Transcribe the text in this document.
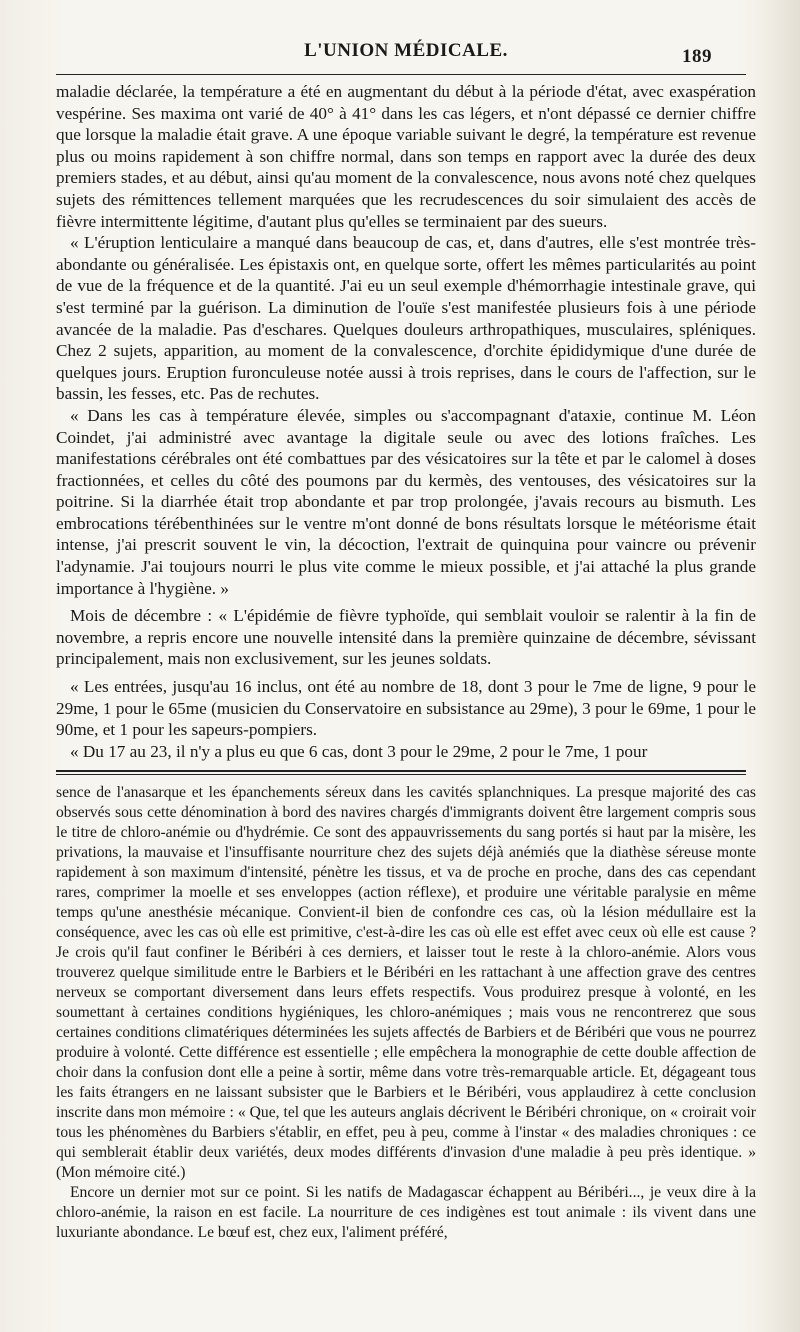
L'UNION MÉDICALE.	189

maladie déclarée, la température a été en augmentant du début à la période d'état, avec exaspération vespérine. Ses maxima ont varié de 40° à 41° dans les cas légers, et n'ont dépassé ce dernier chiffre que lorsque la maladie était grave. A une époque variable suivant le degré, la température est revenue plus ou moins rapidement à son chiffre normal, dans son temps en rapport avec la durée des deux premiers stades, et au début, ainsi qu'au moment de la convalescence, nous avons noté chez quelques sujets des rémittences tellement marquées que les recrudescences du soir simulaient des accès de fièvre intermittente légitime, d'autant plus qu'elles se terminaient par des sueurs.

« L'éruption lenticulaire a manqué dans beaucoup de cas, et, dans d'autres, elle s'est montrée très-abondante ou généralisée. Les épistaxis ont, en quelque sorte, offert les mêmes particularités au point de vue de la fréquence et de la quantité. J'ai eu un seul exemple d'hémorrhagie intestinale grave, qui s'est terminé par la guérison. La diminution de l'ouïe s'est manifestée plusieurs fois à une période avancée de la maladie. Pas d'eschares. Quelques douleurs arthropathiques, musculaires, spléniques. Chez 2 sujets, apparition, au moment de la convalescence, d'orchite épididymique d'une durée de quelques jours. Eruption furonculeuse notée aussi à trois reprises, dans le cours de l'affection, sur le bassin, les fesses, etc. Pas de rechutes.

« Dans les cas à température élevée, simples ou s'accompagnant d'ataxie, continue M. Léon Coindet, j'ai administré avec avantage la digitale seule ou avec des lotions fraîches. Les manifestations cérébrales ont été combattues par des vésicatoires sur la tête et par le calomel à doses fractionnées, et celles du côté des poumons par du kermès, des ventouses, des vésicatoires sur la poitrine. Si la diarrhée était trop abondante et par trop prolongée, j'avais recours au bismuth. Les embrocations térébenthinées sur le ventre m'ont donné de bons résultats lorsque le météorisme était intense, j'ai prescrit souvent le vin, la décoction, l'extrait de quinquina pour vaincre ou prévenir l'adynamie. J'ai toujours nourri le plus vite comme le mieux possible, et j'ai attaché la plus grande importance à l'hygiène. »

Mois de décembre : « L'épidémie de fièvre typhoïde, qui semblait vouloir se ralentir à la fin de novembre, a repris encore une nouvelle intensité dans la première quinzaine de décembre, sévissant principalement, mais non exclusivement, sur les jeunes soldats.

« Les entrées, jusqu'au 16 inclus, ont été au nombre de 18, dont 3 pour le 7me de ligne, 9 pour le 29me, 1 pour le 65me (musicien du Conservatoire en subsistance au 29me), 3 pour le 69me, 1 pour le 90me, et 1 pour les sapeurs-pompiers.

« Du 17 au 23, il n'y a plus eu que 6 cas, dont 3 pour le 29me, 2 pour le 7me, 1 pour

sence de l'anasarque et les épanchements séreux dans les cavités splanchniques. La presque majorité des cas observés sous cette dénomination à bord des navires chargés d'immigrants doivent être largement compris sous le titre de chloro-anémie ou d'hydrémie. Ce sont des appauvrissements du sang portés si haut par la misère, les privations, la mauvaise et l'insuffisante nourriture chez des sujets déjà anémiés que la diathèse séreuse monte rapidement à son maximum d'intensité, pénètre les tissus, et va de proche en proche, dans des cas cependant rares, comprimer la moelle et ses enveloppes (action réflexe), et produire une véritable paralysie en même temps qu'une anesthésie mécanique. Convient-il bien de confondre ces cas, où la lésion médullaire est la conséquence, avec les cas où elle est primitive, c'est-à-dire les cas où elle est effet avec ceux où elle est cause ? Je crois qu'il faut confiner le Béribéri à ces derniers, et laisser tout le reste à la chloro-anémie. Alors vous trouverez quelque similitude entre le Barbiers et le Béribéri en les rattachant à une affection grave des centres nerveux se comportant diversement dans leurs effets respectifs. Vous produirez presque à volonté, en les soumettant à certaines conditions hygiéniques, les chloro-anémiques ; mais vous ne rencontrerez que sous certaines conditions climatériques déterminées les sujets affectés de Barbiers et de Béribéri que vous ne pourrez produire à volonté. Cette différence est essentielle ; elle empêchera la monographie de cette double affection de choir dans la confusion dont elle a peine à sortir, même dans votre très-remarquable article. Et, dégageant tous les faits étrangers en ne laissant subsister que le Barbiers et le Béribéri, vous applaudirez à cette conclusion inscrite dans mon mémoire : « Que, tel que les auteurs anglais décrivent le Béribéri chronique, on « croirait voir tous les phénomènes du Barbiers s'établir, en effet, peu à peu, comme à l'instar « des maladies chroniques : ce qui semblerait établir deux variétés, deux modes différents d'invasion d'une maladie à peu près identique. » (Mon mémoire cité.)

Encore un dernier mot sur ce point. Si les natifs de Madagascar échappent au Béribéri..., je veux dire à la chloro-anémie, la raison en est facile. La nourriture de ces indigènes est tout animale : ils vivent dans une luxuriante abondance. Le bœuf est, chez eux, l'aliment préféré,
